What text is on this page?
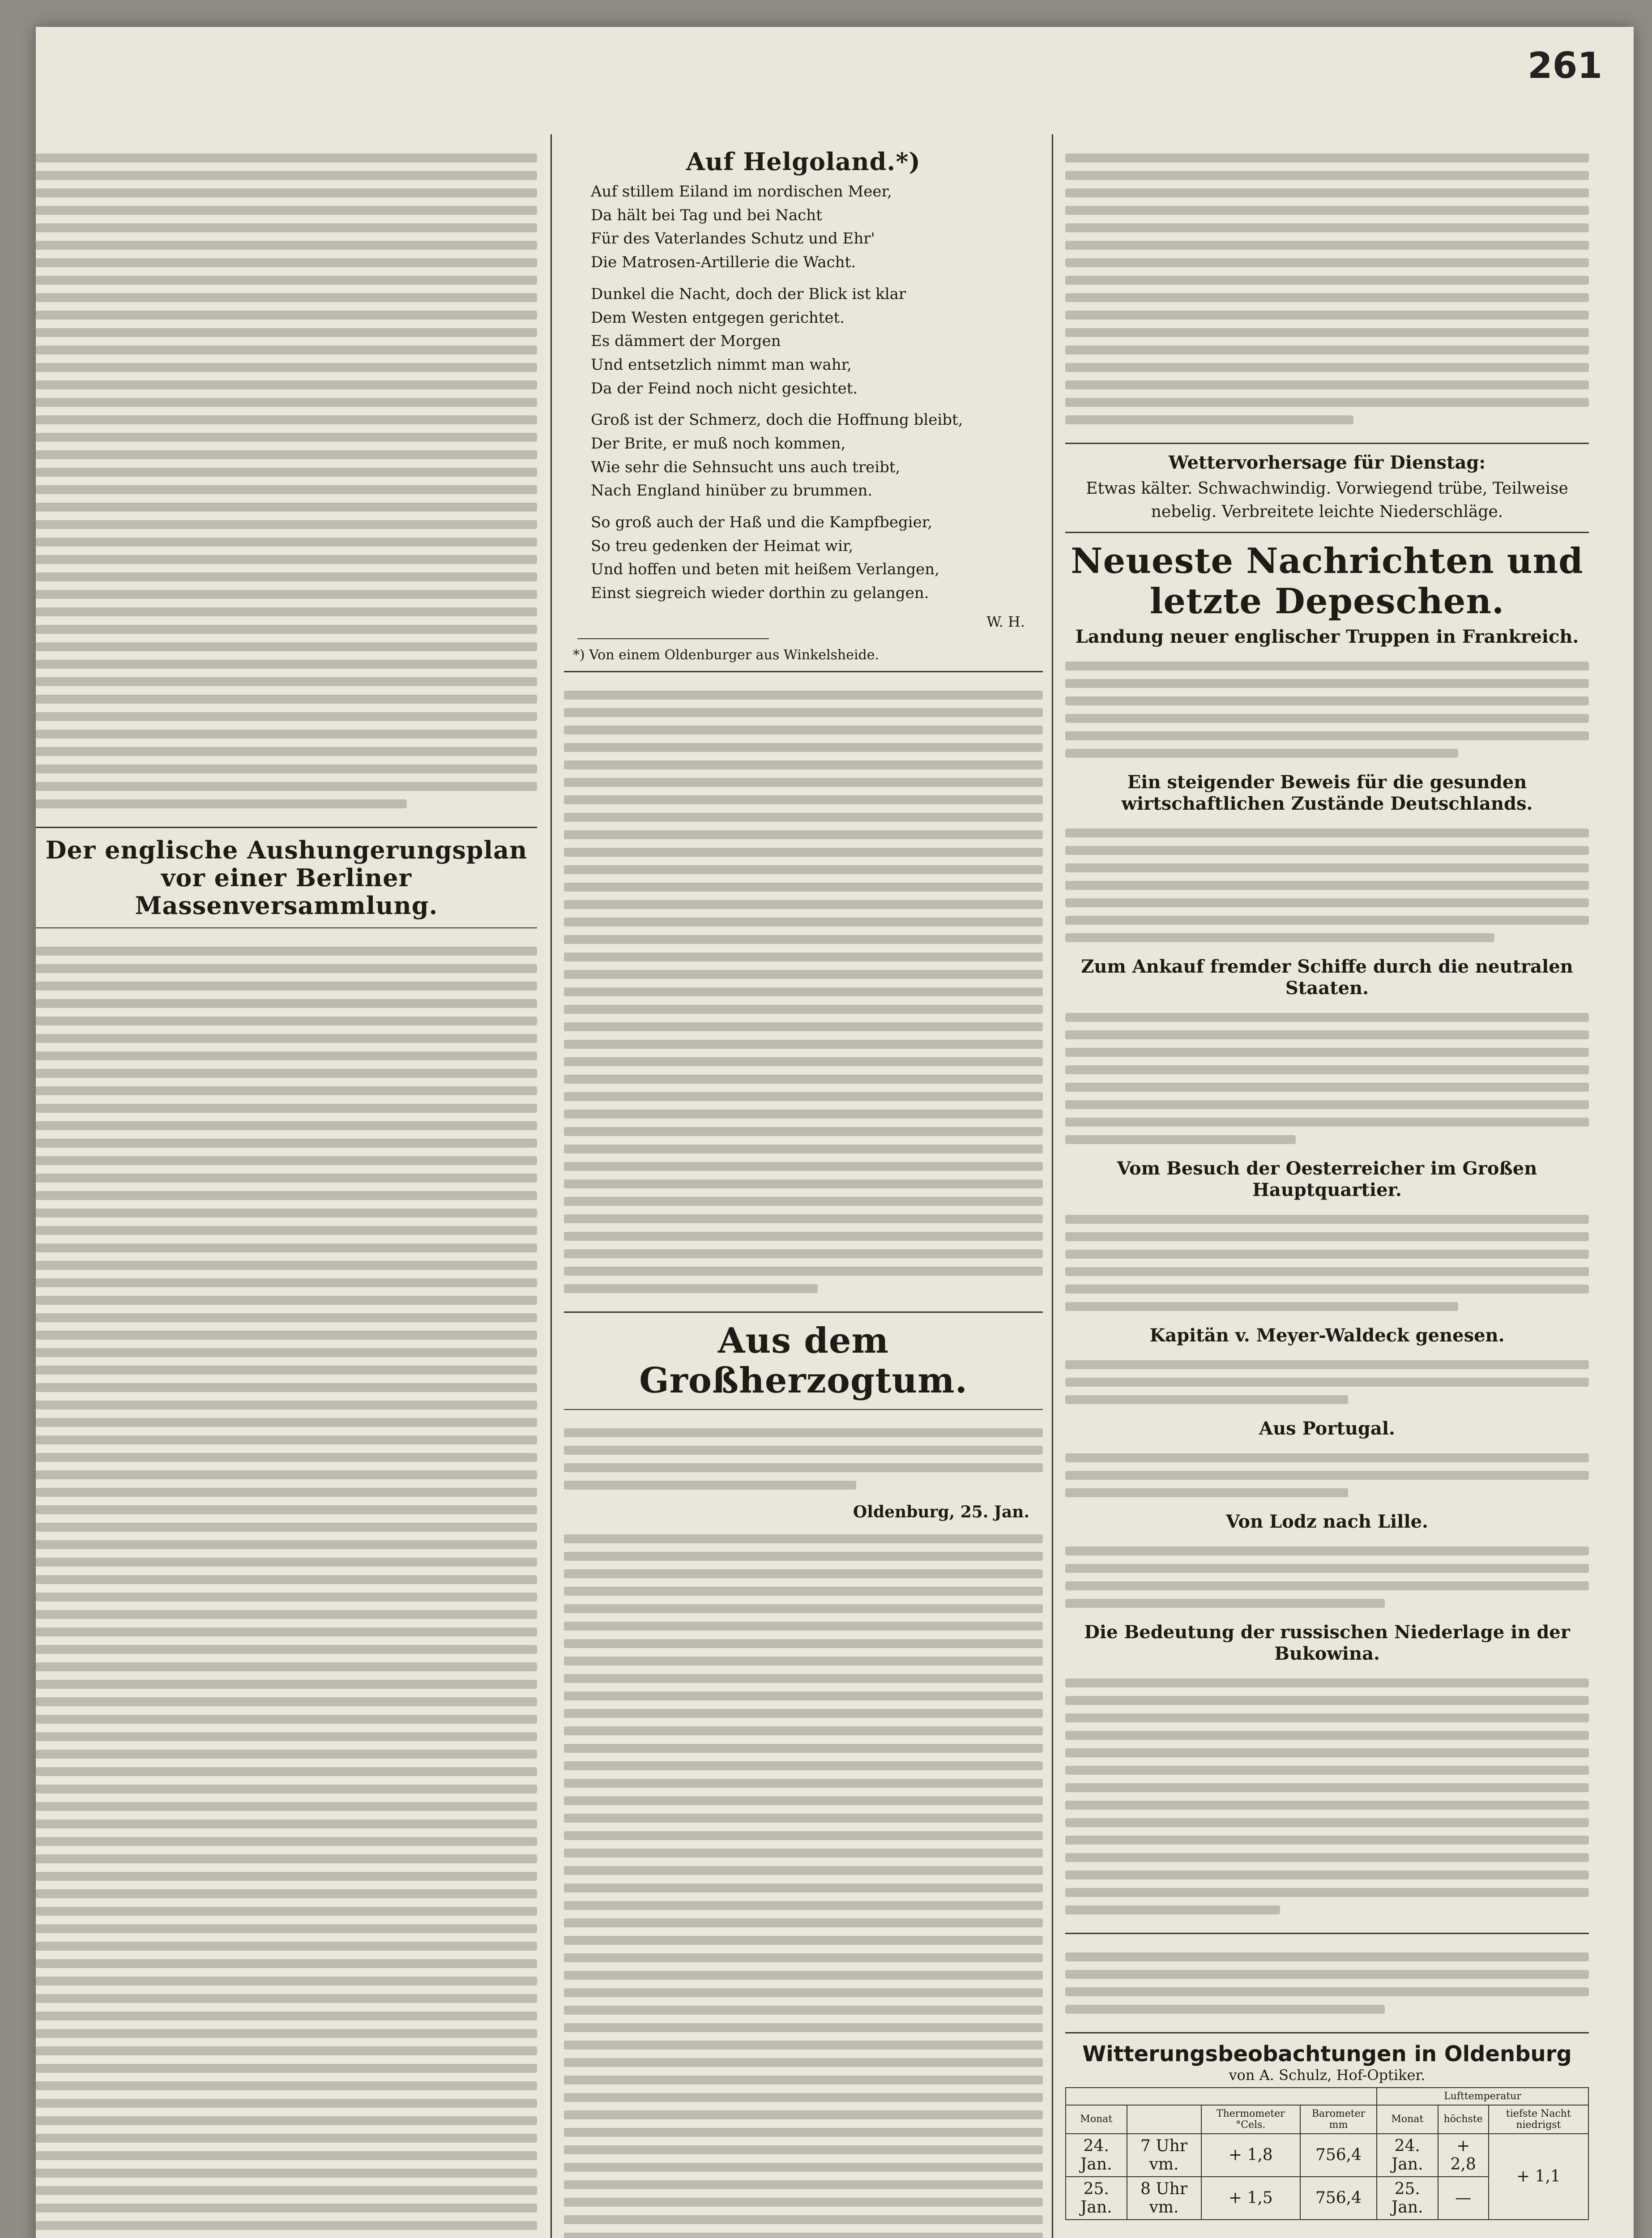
261
Der englische Aushungerungsplan vor einer Berliner Massenversammlung.
Auf Helgoland.*)
Auf stillem Eiland im nordischen Meer,
Da hält bei Tag und bei Nacht
Für des Vaterlandes Schutz und Ehr'
Die Matrosen-Artillerie die Wacht.
Dunkel die Nacht, doch der Blick ist klar
Dem Westen entgegen gerichtet.
Es dämmert der Morgen
Und entsetzlich nimmt man wahr,
Da der Feind noch nicht gesichtet.
Groß ist der Schmerz, doch die Hoffnung bleibt,
Der Brite, er muß noch kommen,
Wie sehr die Sehnsucht uns auch treibt,
Nach England hinüber zu brummen.
So groß auch der Haß und die Kampfbegier,
So treu gedenken der Heimat wir,
Und hoffen und beten mit heißem Verlangen,
Einst siegreich wieder dorthin zu gelangen.
W. H.
*) Von einem Oldenburger aus Winkelsheide.
Aus dem Großherzogtum.
Oldenburg, 25. Jan.
Wettervorhersage für Dienstag:
Etwas kälter. Schwachwindig. Vorwiegend trübe, Teilweise nebelig. Verbreitete leichte Niederschläge.
Neueste Nachrichten und letzte Depeschen.
Landung neuer englischer Truppen in Frankreich.
Ein steigender Beweis für die gesunden wirtschaftlichen Zustände Deutschlands.
Zum Ankauf fremder Schiffe durch die neutralen Staaten.
Vom Besuch der Oesterreicher im Großen Hauptquartier.
Kapitän v. Meyer-Waldeck genesen.
Aus Portugal.
Von Lodz nach Lille.
Die Bedeutung der russischen Niederlage in der Bukowina.
Witterungsbeobachtungen in Oldenburg
von A. Schulz, Hof-Optiker.
				Lufttemperatur		
Monat		Thermometer °Cels.	Barometer mm	Monat	höchste	tiefste Nacht niedrigst
24. Jan.	7 Uhr vm.	+ 1,8	756,4	24. Jan.	+ 2,8	+ 1,1
25. Jan.	8 Uhr vm.	+ 1,5	756,4	25. Jan.	—	
